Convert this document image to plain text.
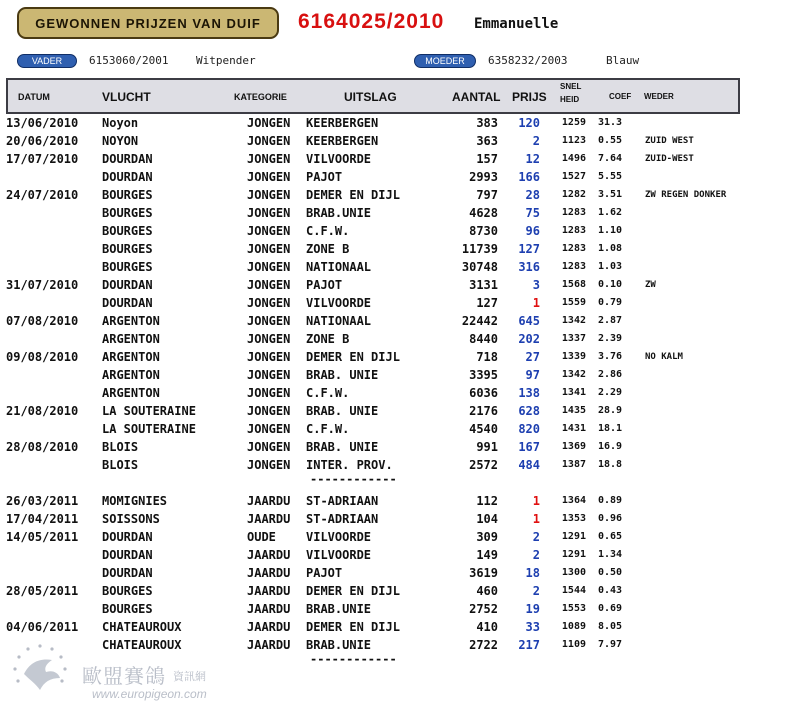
GEWONNEN PRIJZEN VAN DUIF 6164025/2010 Emmanuelle
VADER 6153060/2001	Witpender	MOEDER 6358232/2003	Blauw
DATUM	VLUCHT	KATEGORIE	UITSLAG	AANTAL PRIJS
SNEL
HEID	COEF WEDER
13/06/2010 Noyon	JONGEN KEERBERGEN	383	120	1259 31.3
20/06/2010 NOYON	JONGEN KEERBERGEN	363	2	1123 0.55	ZUID WEST
17/07/2010 DOURDAN	JONGEN VILVOORDE	157	12	1496 7.64	ZUID-WEST
DOURDAN	JONGEN PAJOT	2993	166	1527 5.55
24/07/2010 BOURGES	JONGEN DEMER EN DIJL	797	28	1282 3.51	ZW REGEN DONKER
BOURGES	JONGEN BRAB.UNIE	4628	75	1283 1.62
BOURGES	JONGEN C.F.W.	8730	96	1283 1.10
BOURGES	JONGEN ZONE B	11739	127	1283 1.08
BOURGES	JONGEN NATIONAAL	30748	316	1283 1.03
31/07/2010 DOURDAN	JONGEN PAJOT	3131	3	1568 0.10	ZW
DOURDAN	JONGEN VILVOORDE	127	1	1559 0.79
07/08/2010 ARGENTON	JONGEN NATIONAAL	22442	645	1342 2.87
ARGENTON	JONGEN ZONE B	8440	202	1337 2.39
09/08/2010 ARGENTON	JONGEN DEMER EN DIJL	718	27	1339 3.76	NO KALM
ARGENTON	JONGEN BRAB. UNIE	3395	97	1342 2.86
ARGENTON	JONGEN C.F.W.	6036	138	1341 2.29
21/08/2010 LA SOUTERAINE	JONGEN BRAB. UNIE	2176	628	1435 28.9
LA SOUTERAINE	JONGEN C.F.W.	4540	820	1431 18.1
28/08/2010 BLOIS	JONGEN BRAB. UNIE	991	167	1369 16.9
BLOIS	JONGEN INTER. PROV.	2572	484	1387 18.8
26/03/2011 MOMIGNIES	JAARDU ST-ADRIAAN	112	1	1364 0.89
17/04/2011 SOISSONS	JAARDU ST-ADRIAAN	104	1	1353 0.96
14/05/2011 DOURDAN	OUDE	VILVOORDE	309	2	1291 0.65
DOURDAN	JAARDU VILVOORDE	149	2	1291 1.34
DOURDAN	JAARDU PAJOT	3619	18	1300 0.50
28/05/2011 BOURGES	JAARDU DEMER EN DIJL	460	2	1544 0.43
BOURGES	JAARDU BRAB.UNIE	2752	19	1553 0.69
04/06/2011 CHATEAUROUX	JAARDU DEMER EN DIJL	410	33	1089 8.05
CHATEAUROUX	JAARDU BRAB.UNIE	2722	217	1109 7.97
------------
------------
歐盟賽鴿 資訊網
www.europigeon.com
